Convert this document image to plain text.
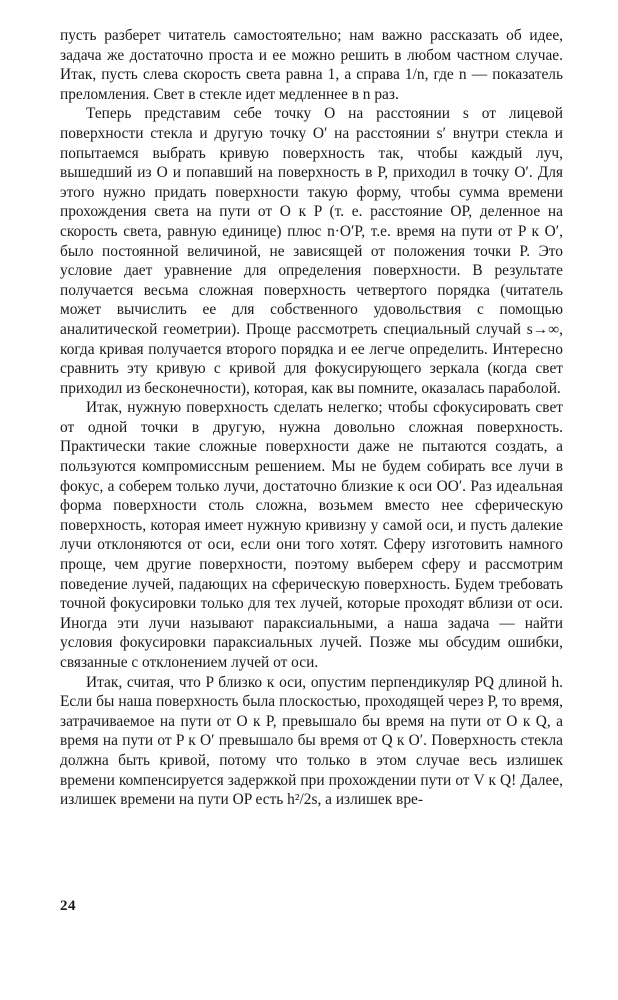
пусть разберет читатель самостоятельно; нам важно рассказать об идее, задача же достаточно проста и ее можно решить в любом частном случае. Итак, пусть слева скорость света равна 1, а справа 1/n, где n — показатель преломления. Свет в стекле идет медленнее в n раз.

Теперь представим себе точку O на расстоянии s от лицевой поверхности стекла и другую точку O′ на расстоянии s′ внутри стекла и попытаемся выбрать кривую поверхность так, чтобы каждый луч, вышедший из O и попавший на поверхность в P, приходил в точку O′. Для этого нужно придать поверхности такую форму, чтобы сумма времени прохождения света на пути от O к P (т. е. расстояние OP, деленное на скорость света, равную единице) плюс n·O′P, т.е. время на пути от P к O′, было постоянной величиной, не зависящей от положения точки P. Это условие дает уравнение для определения поверхности. В результате получается весьма сложная поверхность четвертого порядка (читатель может вычислить ее для собственного удовольствия с помощью аналитической геометрии). Проще рассмотреть специальный случай s→∞, когда кривая получается второго порядка и ее легче определить. Интересно сравнить эту кривую с кривой для фокусирующего зеркала (когда свет приходил из бесконечности), которая, как вы помните, оказалась параболой.

Итак, нужную поверхность сделать нелегко; чтобы сфокусировать свет от одной точки в другую, нужна довольно сложная поверхность. Практически такие сложные поверхности даже не пытаются создать, а пользуются компромиссным решением. Мы не будем собирать все лучи в фокус, а соберем только лучи, достаточно близкие к оси OO′. Раз идеальная форма поверхности столь сложна, возьмем вместо нее сферическую поверхность, которая имеет нужную кривизну у самой оси, и пусть далекие лучи отклоняются от оси, если они того хотят. Сферу изготовить намного проще, чем другие поверхности, поэтому выберем сферу и рассмотрим поведение лучей, падающих на сферическую поверхность. Будем требовать точной фокусировки только для тех лучей, которые проходят вблизи от оси. Иногда эти лучи называют параксиальными, а наша задача — найти условия фокусировки параксиальных лучей. Позже мы обсудим ошибки, связанные с отклонением лучей от оси.

Итак, считая, что P близко к оси, опустим перпендикуляр PQ длиной h. Если бы наша поверхность была плоскостью, проходящей через P, то время, затрачиваемое на пути от O к P, превышало бы время на пути от O к Q, а время на пути от P к O′ превышало бы время от Q к O′. Поверхность стекла должна быть кривой, потому что только в этом случае весь излишек времени компенсируется задержкой при прохождении пути от V к Q! Далее, излишек времени на пути OP есть h²/2s, а излишек вре-

24
